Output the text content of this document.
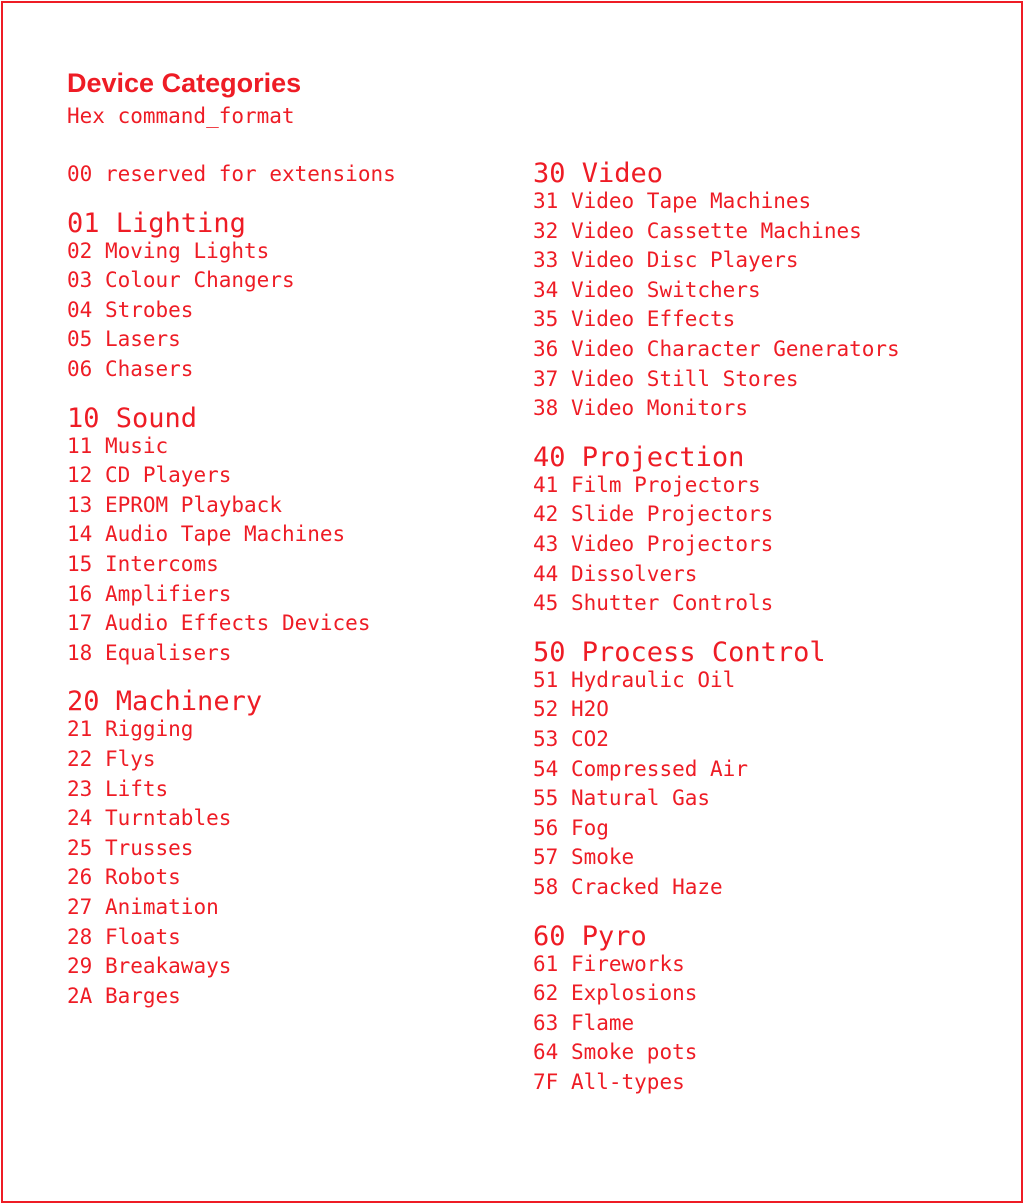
Device Categories
Hex command_format
00 reserved for extensions
01 Lighting
02 Moving Lights
03 Colour Changers
04 Strobes
05 Lasers
06 Chasers
10 Sound
11 Music
12 CD Players
13 EPROM Playback
14 Audio Tape Machines
15 Intercoms
16 Amplifiers
17 Audio Effects Devices
18 Equalisers
20 Machinery
21 Rigging
22 Flys
23 Lifts
24 Turntables
25 Trusses
26 Robots
27 Animation
28 Floats
29 Breakaways
2A Barges
30 Video
31 Video Tape Machines
32 Video Cassette Machines
33 Video Disc Players
34 Video Switchers
35 Video Effects
36 Video Character Generators
37 Video Still Stores
38 Video Monitors
40 Projection
41 Film Projectors
42 Slide Projectors
43 Video Projectors
44 Dissolvers
45 Shutter Controls
50 Process Control
51 Hydraulic Oil
52 H2O
53 CO2
54 Compressed Air
55 Natural Gas
56 Fog
57 Smoke
58 Cracked Haze
60 Pyro
61 Fireworks
62 Explosions
63 Flame
64 Smoke pots
7F All-types
